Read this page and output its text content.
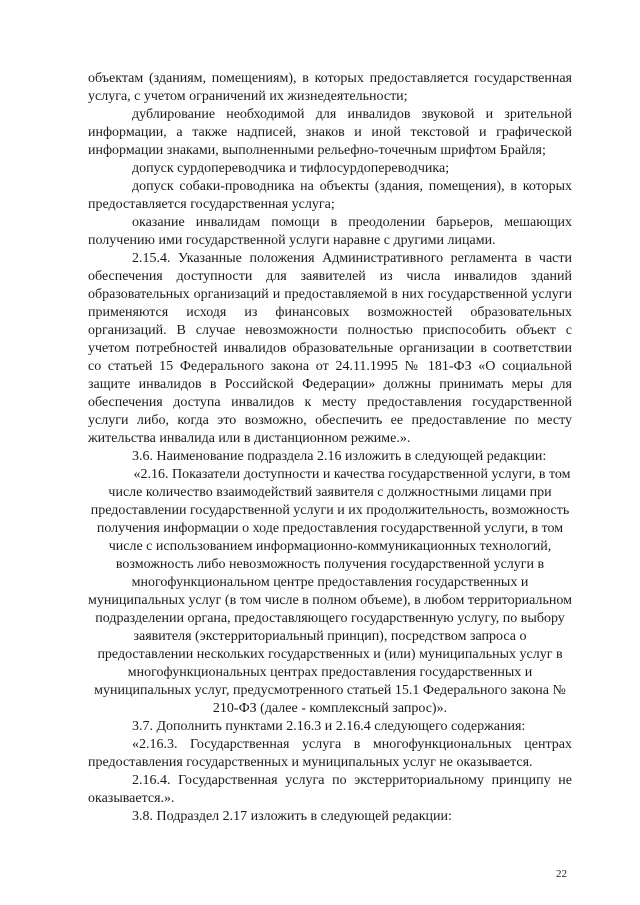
объектам (зданиям, помещениям), в которых предоставляется государственная услуга, с учетом ограничений их жизнедеятельности;

дублирование необходимой для инвалидов звуковой и зрительной информации, а также надписей, знаков и иной текстовой и графической информации знаками, выполненными рельефно-точечным шрифтом Брайля;

допуск сурдопереводчика и тифлосурдопереводчика;

допуск собаки-проводника на объекты (здания, помещения), в которых предоставляется государственная услуга;

оказание инвалидам помощи в преодолении барьеров, мешающих получению ими государственной услуги наравне с другими лицами.

2.15.4. Указанные положения Административного регламента в части обеспечения доступности для заявителей из числа инвалидов зданий образовательных организаций и предоставляемой в них государственной услуги применяются исходя из финансовых возможностей образовательных организаций. В случае невозможности полностью приспособить объект с учетом потребностей инвалидов образовательные организации в соответствии со статьей 15 Федерального закона от 24.11.1995 № 181-ФЗ «О социальной защите инвалидов в Российской Федерации» должны принимать меры для обеспечения доступа инвалидов к месту предоставления государственной услуги либо, когда это возможно, обеспечить ее предоставление по месту жительства инвалида или в дистанционном режиме.».

3.6. Наименование подраздела 2.16 изложить в следующей редакции:

«2.16. Показатели доступности и качества государственной услуги, в том числе количество взаимодействий заявителя с должностными лицами при предоставлении государственной услуги и их продолжительность, возможность получения информации о ходе предоставления государственной услуги, в том числе с использованием информационно-коммуникационных технологий, возможность либо невозможность получения государственной услуги в многофункциональном центре предоставления государственных и муниципальных услуг (в том числе в полном объеме), в любом территориальном подразделении органа, предоставляющего государственную услугу, по выбору заявителя (экстерриториальный принцип), посредством запроса о предоставлении нескольких государственных и (или) муниципальных услуг в многофункциональных центрах предоставления государственных и муниципальных услуг, предусмотренного статьей 15.1 Федерального закона № 210-ФЗ (далее - комплексный запрос)».

3.7. Дополнить пунктами 2.16.3 и 2.16.4 следующего содержания:

«2.16.3. Государственная услуга в многофункциональных центрах предоставления государственных и муниципальных услуг не оказывается.

2.16.4. Государственная услуга по экстерриториальному принципу не оказывается.».

3.8. Подраздел 2.17 изложить в следующей редакции:

22
